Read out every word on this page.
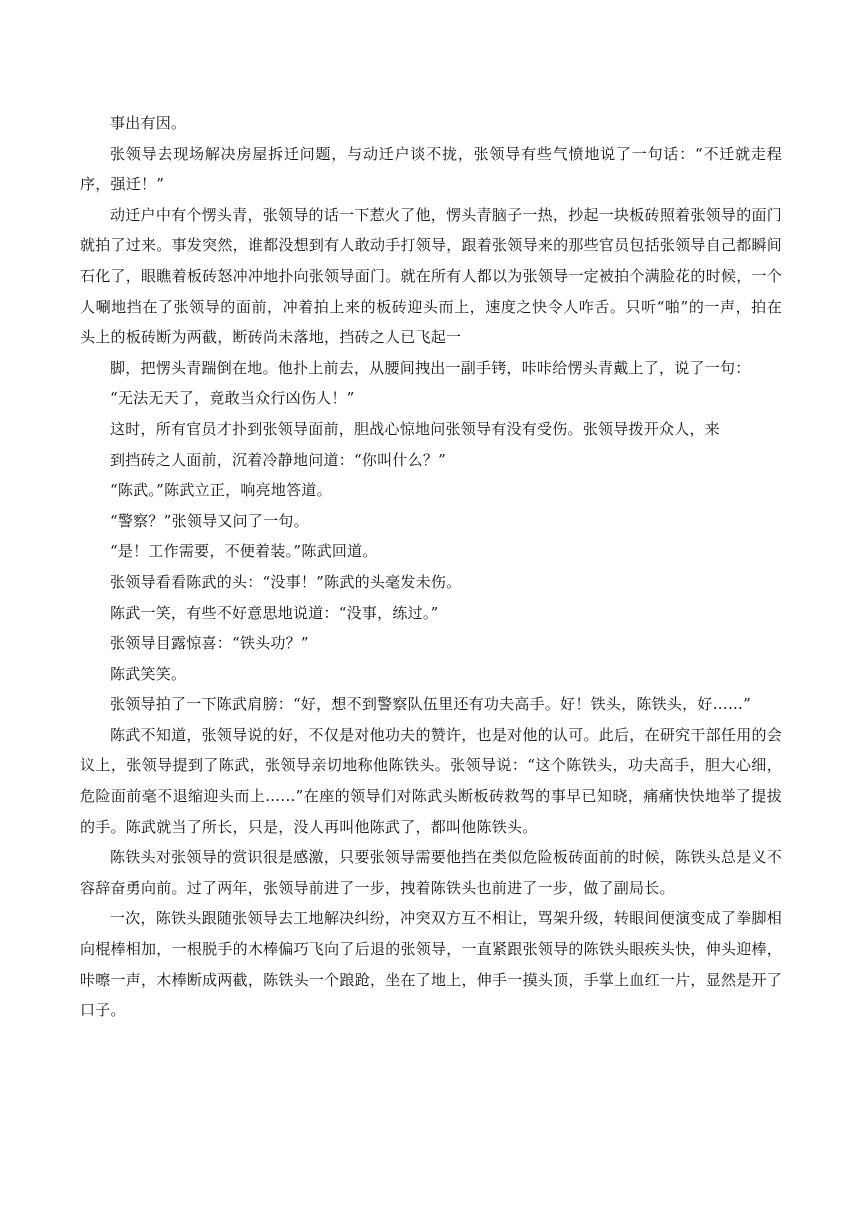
事出有因。

张领导去现场解决房屋拆迁问题，与动迁户谈不拢，张领导有些气愤地说了一句话：“不迁就走程序，强迁！”

动迁户中有个愣头青，张领导的话一下惹火了他，愣头青脑子一热，抄起一块板砖照着张领导的面门就拍了过来。事发突然，谁都没想到有人敢动手打领导，跟着张领导来的那些官员包括张领导自己都瞬间石化了，眼瞧着板砖怒冲冲地扑向张领导面门。就在所有人都以为张领导一定被拍个满脸花的时候，一个人唰地挡在了张领导的面前，冲着拍上来的板砖迎头而上，速度之快令人咋舌。只听“啪”的一声，拍在头上的板砖断为两截，断砖尚未落地，挡砖之人已飞起一

脚，把愣头青踹倒在地。他扑上前去，从腰间拽出一副手铐，咔咔给愣头青戴上了，说了一句：

“无法无天了，竟敢当众行凶伤人！”

这时，所有官员才扑到张领导面前，胆战心惊地问张领导有没有受伤。张领导拨开众人，来

到挡砖之人面前，沉着冷静地问道：“你叫什么？”

“陈武。”陈武立正，响亮地答道。

“警察？”张领导又问了一句。

“是！工作需要，不便着装。”陈武回道。

张领导看看陈武的头：“没事！”陈武的头毫发未伤。

陈武一笑，有些不好意思地说道：“没事，练过。”

张领导目露惊喜：“铁头功？”

陈武笑笑。

张领导拍了一下陈武肩膀：“好，想不到警察队伍里还有功夫高手。好！铁头，陈铁头，好……”

陈武不知道，张领导说的好，不仅是对他功夫的赞许，也是对他的认可。此后，在研究干部任用的会议上，张领导提到了陈武，张领导亲切地称他陈铁头。张领导说：“这个陈铁头，功夫高手，胆大心细，危险面前毫不退缩迎头而上……”在座的领导们对陈武头断板砖救驾的事早已知晓，痛痛快快地举了提拔的手。陈武就当了所长，只是，没人再叫他陈武了，都叫他陈铁头。

陈铁头对张领导的赏识很是感激，只要张领导需要他挡在类似危险板砖面前的时候，陈铁头总是义不容辞奋勇向前。过了两年，张领导前进了一步，拽着陈铁头也前进了一步，做了副局长。

一次，陈铁头跟随张领导去工地解决纠纷，冲突双方互不相让，骂架升级，转眼间便演变成了拳脚相向棍棒相加，一根脱手的木棒偏巧飞向了后退的张领导，一直紧跟张领导的陈铁头眼疾头快，伸头迎棒，咔嚓一声，木棒断成两截，陈铁头一个踉跄，坐在了地上，伸手一摸头顶，手掌上血红一片，显然是开了口子。
